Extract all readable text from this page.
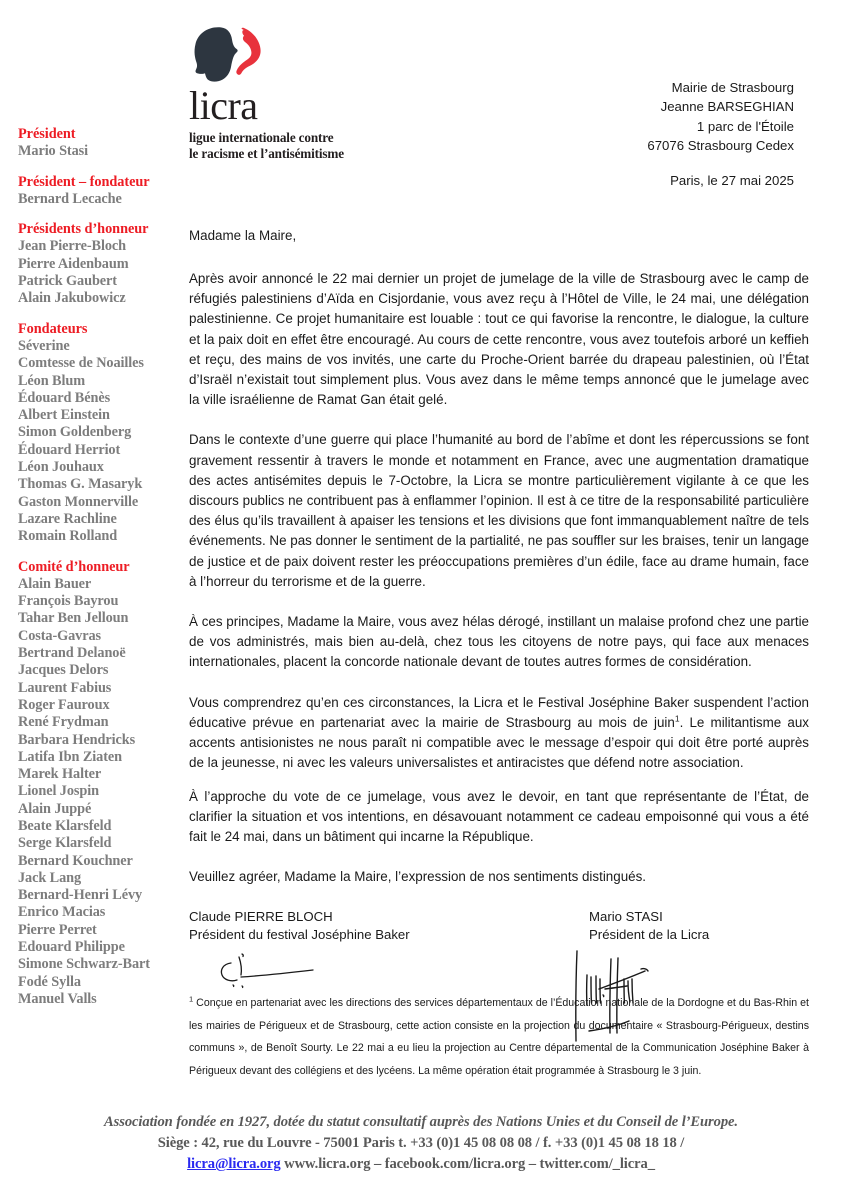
Président
Mario Stasi
Président – fondateur
Bernard Lecache
Présidents d’honneur
Jean Pierre-Bloch
Pierre Aidenbaum
Patrick Gaubert
Alain Jakubowicz
Fondateurs
Séverine
Comtesse de Noailles
Léon Blum
Édouard Bénès
Albert Einstein
Simon Goldenberg
Édouard Herriot
Léon Jouhaux
Thomas G. Masaryk
Gaston Monnerville
Lazare Rachline
Romain Rolland
Comité d’honneur
Alain Bauer
François Bayrou
Tahar Ben Jelloun
Costa-Gavras
Bertrand Delanoë
Jacques Delors
Laurent Fabius
Roger Fauroux
René Frydman
Barbara Hendricks
Latifa Ibn Ziaten
Marek Halter
Lionel Jospin
Alain Juppé
Beate Klarsfeld
Serge Klarsfeld
Bernard Kouchner
Jack Lang
Bernard-Henri Lévy
Enrico Macias
Pierre Perret
Edouard Philippe
Simone Schwarz-Bart
Fodé Sylla
Manuel Valls
licra
ligue internationale contre
le racisme et l’antisémitisme
Mairie de Strasbourg
Jeanne BARSEGHIAN
1 parc de l'Étoile
67076 Strasbourg Cedex
Paris, le 27 mai 2025
Madame la Maire,

Après avoir annoncé le 22 mai dernier un projet de jumelage de la ville de Strasbourg avec le camp de réfugiés palestiniens d’Aïda en Cisjordanie, vous avez reçu à l’Hôtel de Ville, le 24 mai, une délégation palestinienne. Ce projet humanitaire est louable : tout ce qui favorise la rencontre, le dialogue, la culture et la paix doit en effet être encouragé. Au cours de cette rencontre, vous avez toutefois arboré un keffieh et reçu, des mains de vos invités, une carte du Proche-Orient barrée du drapeau palestinien, où l’État d’Israël n’existait tout simplement plus. Vous avez dans le même temps annoncé que le jumelage avec la ville israélienne de Ramat Gan était gelé.

Dans le contexte d’une guerre qui place l’humanité au bord de l’abîme et dont les répercussions se font gravement ressentir à travers le monde et notamment en France, avec une augmentation dramatique des actes antisémites depuis le 7-Octobre, la Licra se montre particulièrement vigilante à ce que les discours publics ne contribuent pas à enflammer l’opinion. Il est à ce titre de la responsabilité particulière des élus qu’ils travaillent à apaiser les tensions et les divisions que font immanquablement naître de tels événements. Ne pas donner le sentiment de la partialité, ne pas souffler sur les braises, tenir un langage de justice et de paix doivent rester les préoccupations premières d’un édile, face au drame humain, face à l’horreur du terrorisme et de la guerre.

À ces principes, Madame la Maire, vous avez hélas dérogé, instillant un malaise profond chez une partie de vos administrés, mais bien au-delà, chez tous les citoyens de notre pays, qui face aux menaces internationales, placent la concorde nationale devant de toutes autres formes de considération.

Vous comprendrez qu’en ces circonstances, la Licra et le Festival Joséphine Baker suspendent l’action éducative prévue en partenariat avec la mairie de Strasbourg au mois de juin$^1$. Le militantisme aux accents antisionistes ne nous paraît ni compatible avec le message d’espoir qui doit être porté auprès de la jeunesse, ni avec les valeurs universalistes et antiracistes que défend notre association.

À l’approche du vote de ce jumelage, vous avez le devoir, en tant que représentante de l’État, de clarifier la situation et vos intentions, en désavouant notamment ce cadeau empoisonné qui vous a été fait le 24 mai, dans un bâtiment qui incarne la République.

Veuillez agréer, Madame la Maire, l’expression de nos sentiments distingués.
Claude PIERRE BLOCH
Président du festival Joséphine Baker
Mario STASI
Président de la Licra
$^1$ Conçue en partenariat avec les directions des services départementaux de l’Éducation nationale de la Dordogne et du Bas-Rhin et les mairies de Périgueux et de Strasbourg, cette action consiste en la projection du documentaire « Strasbourg-Périgueux, destins communs », de Benoît Sourty. Le 22 mai a eu lieu la projection au Centre départemental de la Communication Joséphine Baker à Périgueux devant des collégiens et des lycéens. La même opération était programmée à Strasbourg le 3 juin.
Association fondée en 1927, dotée du statut consultatif auprès des Nations Unies et du Conseil de l’Europe.
Siège : 42, rue du Louvre - 75001 Paris t. +33 (0)1 45 08 08 08 / f. +33 (0)1 45 08 18 18 /
licra@licra.org www.licra.org – facebook.com/licra.org – twitter.com/_licra_
